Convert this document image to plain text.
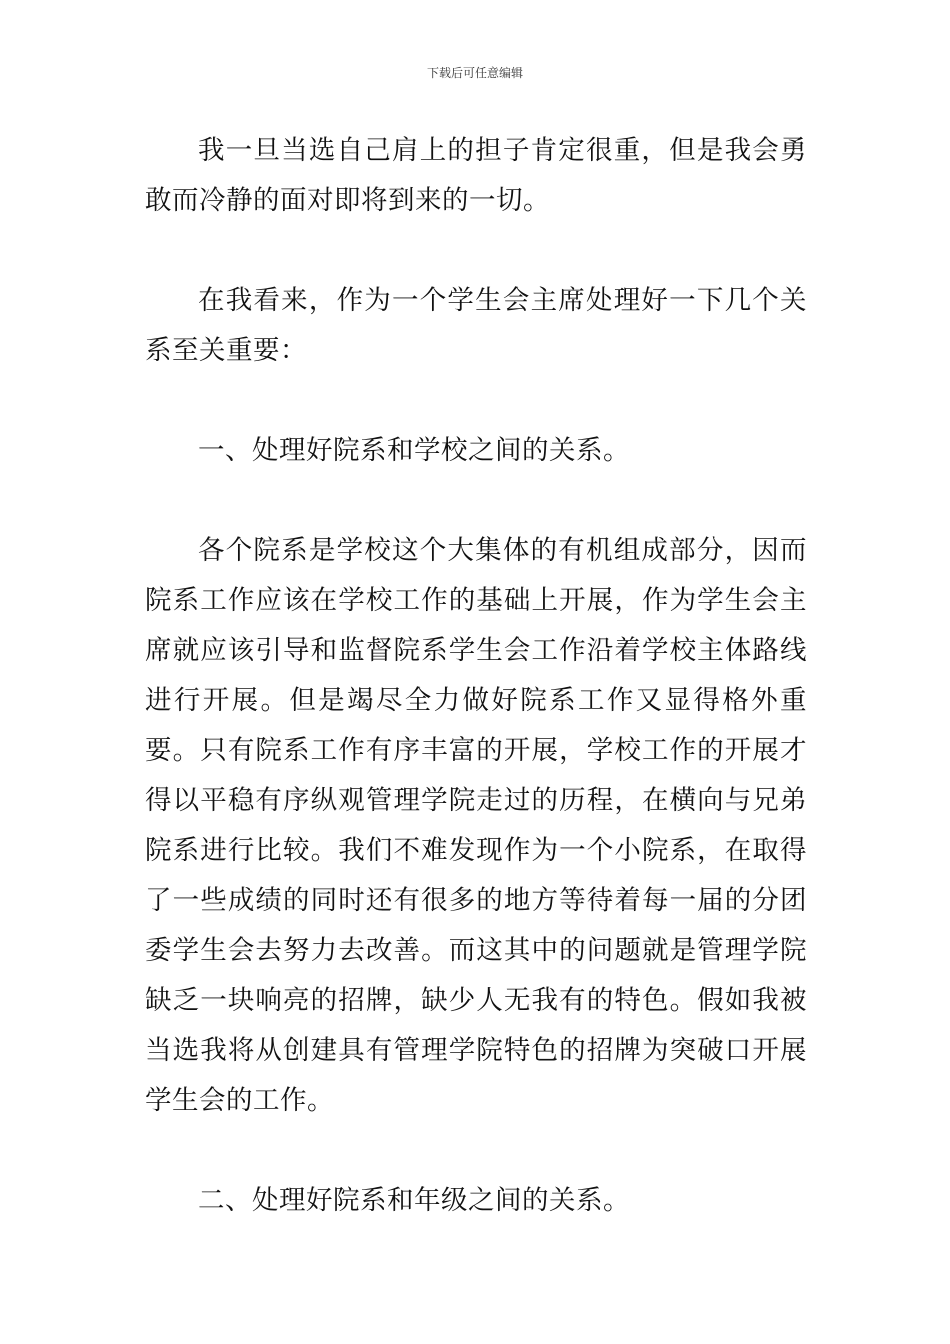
下载后可任意编辑

我一旦当选自己肩上的担子肯定很重，但是我会勇敢而冷静的面对即将到来的一切。

在我看来，作为一个学生会主席处理好一下几个关系至关重要：

一、处理好院系和学校之间的关系。

各个院系是学校这个大集体的有机组成部分，因而院系工作应该在学校工作的基础上开展，作为学生会主席就应该引导和监督院系学生会工作沿着学校主体路线进行开展。但是竭尽全力做好院系工作又显得格外重要。只有院系工作有序丰富的开展，学校工作的开展才得以平稳有序纵观管理学院走过的历程，在横向与兄弟院系进行比较。我们不难发现作为一个小院系，在取得了一些成绩的同时还有很多的地方等待着每一届的分团委学生会去努力去改善。而这其中的问题就是管理学院缺乏一块响亮的招牌，缺少人无我有的特色。假如我被当选我将从创建具有管理学院特色的招牌为突破口开展学生会的工作。

二、处理好院系和年级之间的关系。
